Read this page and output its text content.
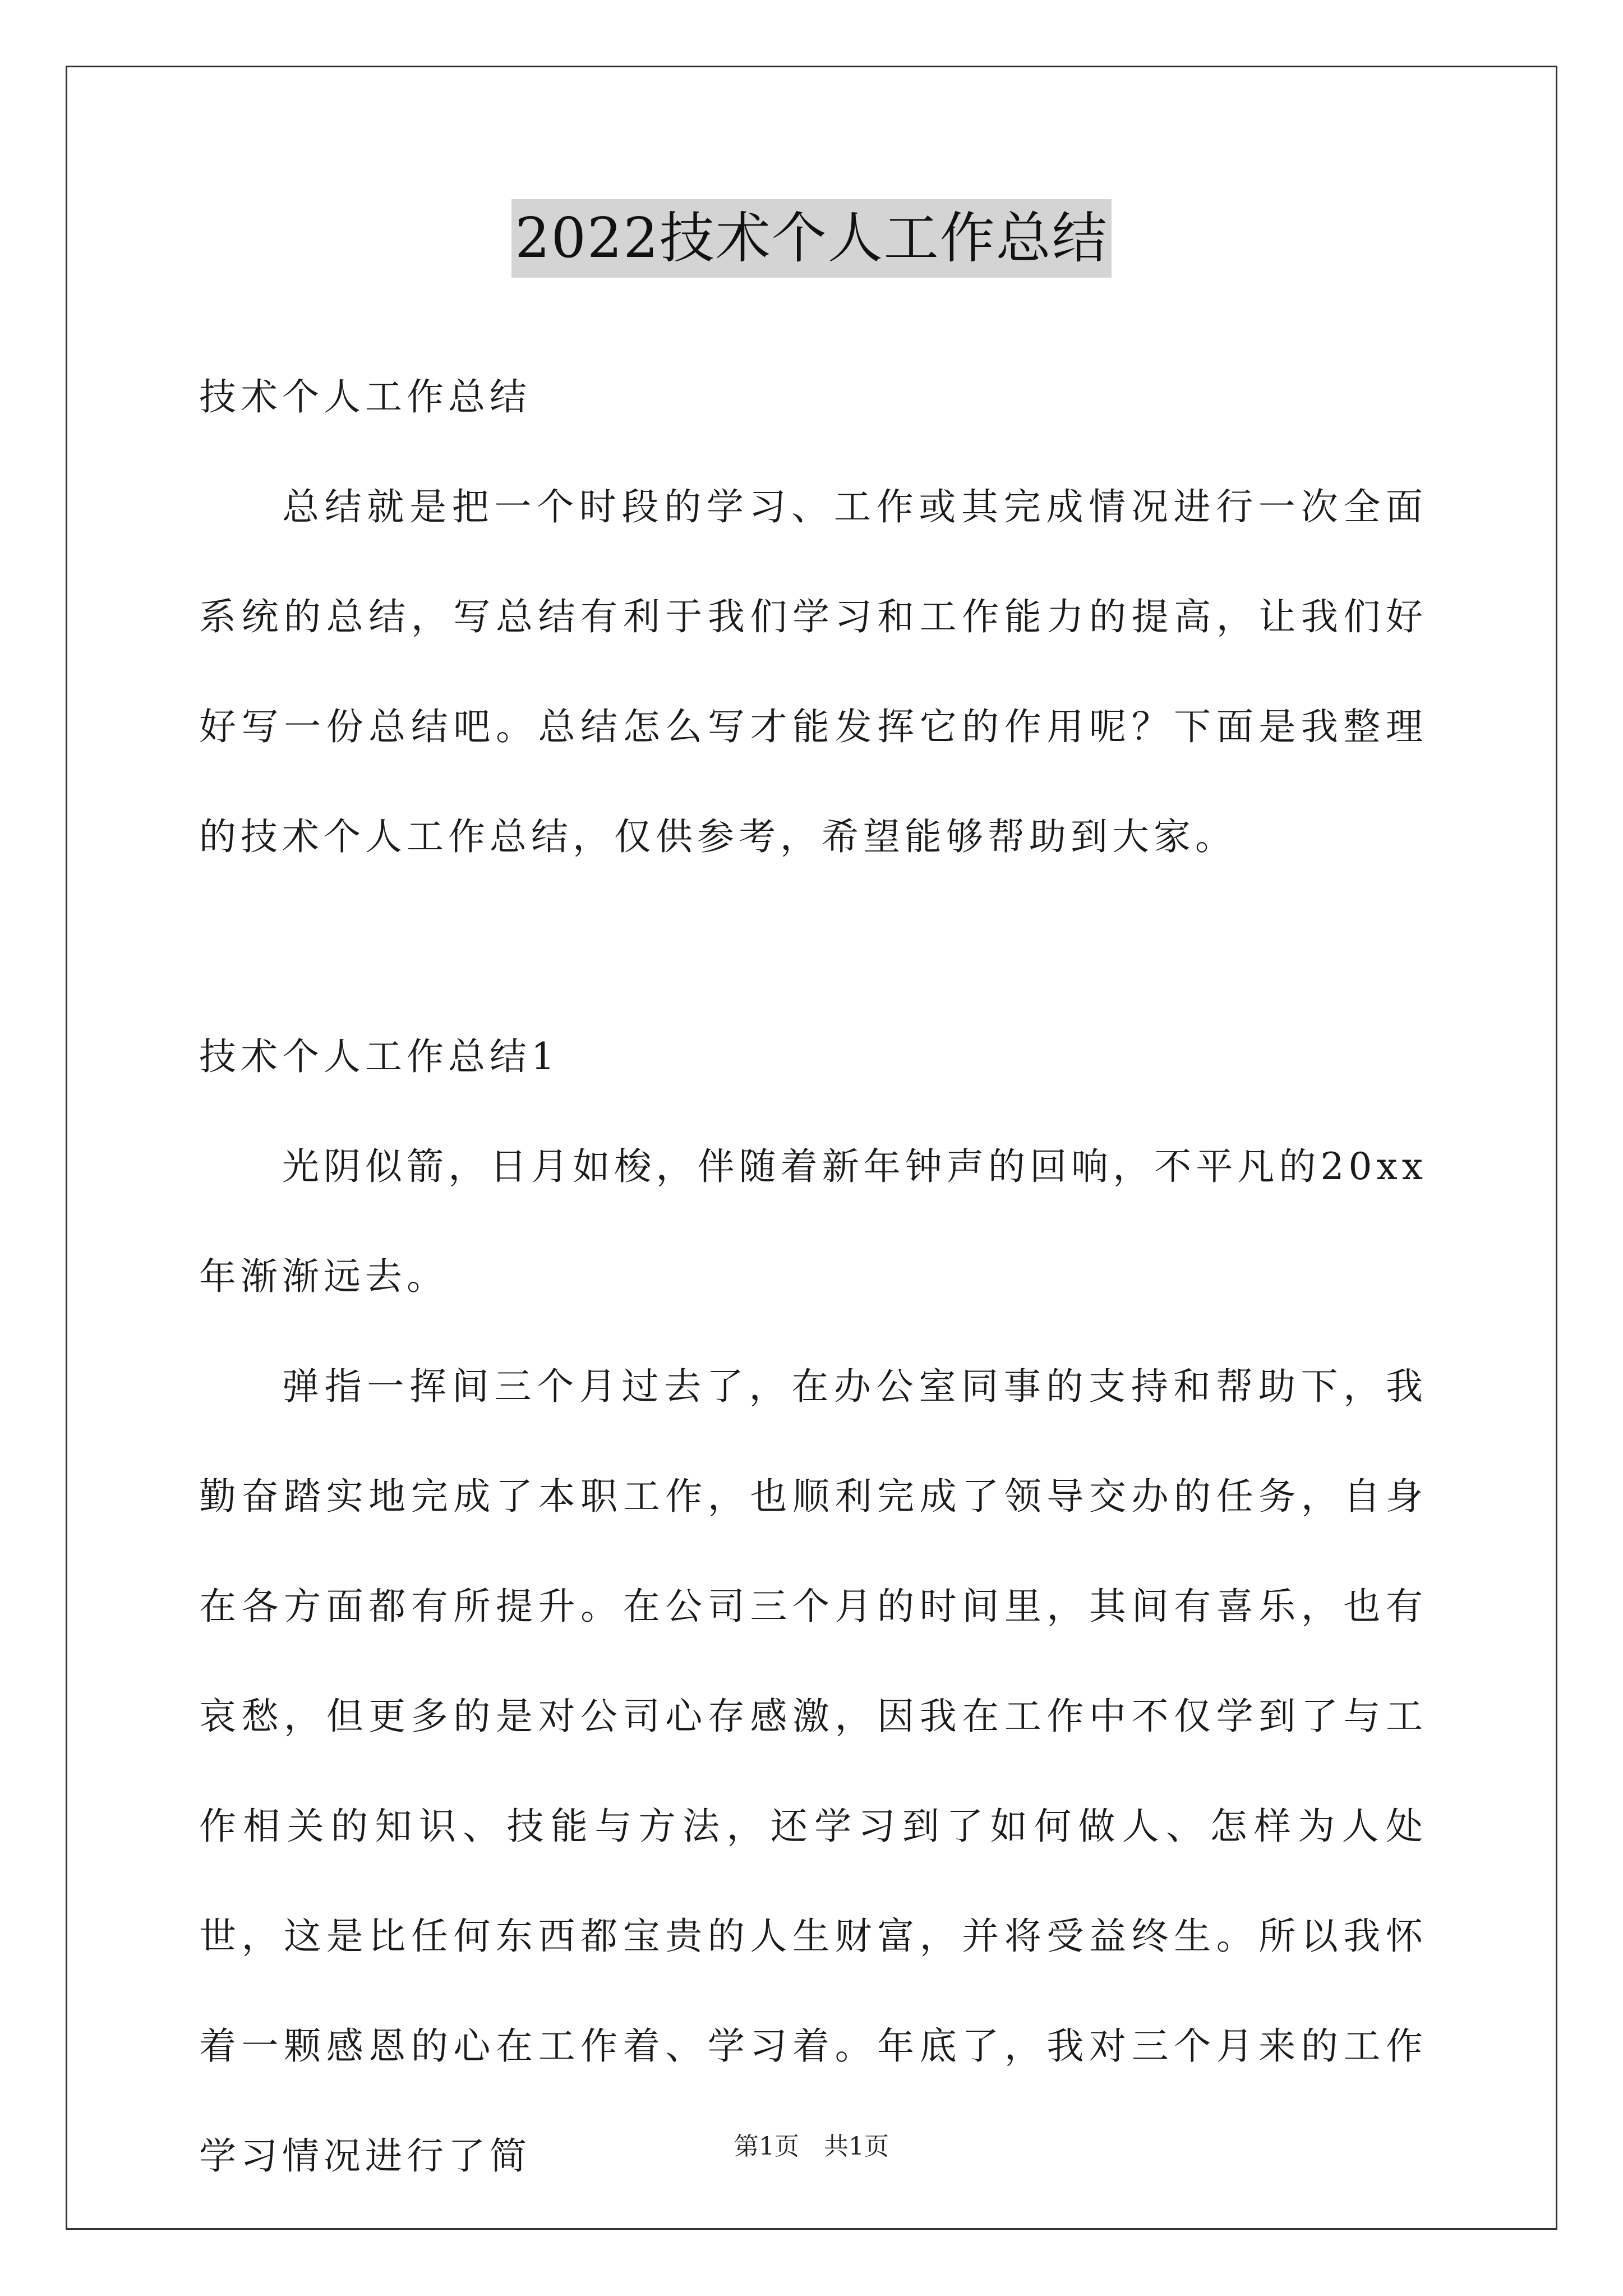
2022技术个人工作总结

技术个人工作总结

总结就是把一个时段的学习、工作或其完成情况进行一次全面系统的总结，写总结有利于我们学习和工作能力的提高，让我们好好写一份总结吧。总结怎么写才能发挥它的作用呢？下面是我整理的技术个人工作总结，仅供参考，希望能够帮助到大家。

技术个人工作总结1

光阴似箭，日月如梭，伴随着新年钟声的回响，不平凡的20xx年渐渐远去。

弹指一挥间三个月过去了，在办公室同事的支持和帮助下，我勤奋踏实地完成了本职工作，也顺利完成了领导交办的任务，自身在各方面都有所提升。在公司三个月的时间里，其间有喜乐，也有哀愁，但更多的是对公司心存感激，因我在工作中不仅学到了与工作相关的知识、技能与方法，还学习到了如何做人、怎样为人处世，这是比任何东西都宝贵的人生财富，并将受益终生。所以我怀着一颗感恩的心在工作着、学习着。年底了，我对三个月来的工作学习情况进行了简	第1页　共1页
